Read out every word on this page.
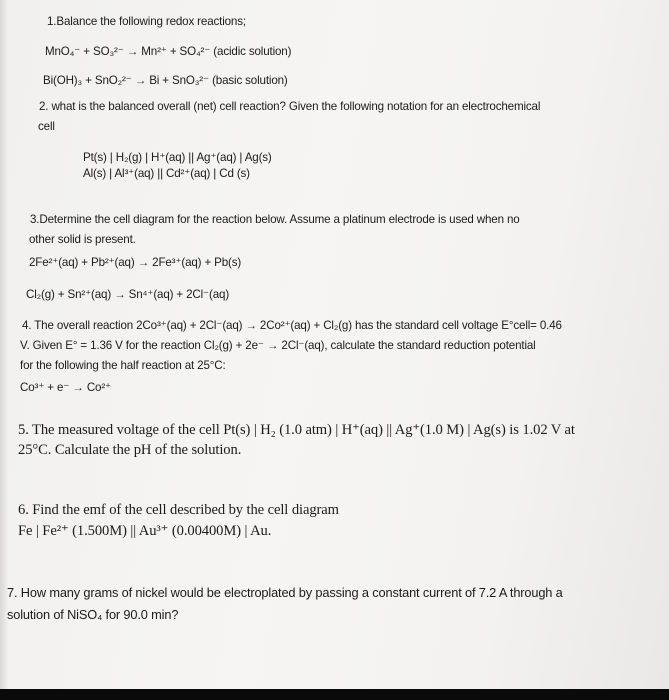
1.Balance the following redox reactions;
MnO₄⁻ + SO₃²⁻ → Mn²⁺ + SO₄²⁻ (acidic solution)
Bi(OH)₃ + SnO₂²⁻ → Bi + SnO₃²⁻ (basic solution)
2. what is the balanced overall (net) cell reaction? Given the following notation for an electrochemical
cell
Pt(s) | H₂(g) | H⁺(aq) || Ag⁺(aq) | Ag(s)
Al(s) | Al³⁺(aq) || Cd²⁺(aq) | Cd (s)
3.Determine the cell diagram for the reaction below. Assume a platinum electrode is used when no
other solid is present.
2Fe²⁺(aq) + Pb²⁺(aq) → 2Fe³⁺(aq) + Pb(s)
Cl₂(g) + Sn²⁺(aq) → Sn⁴⁺(aq) + 2Cl⁻(aq)
4. The overall reaction 2Co³⁺(aq) + 2Cl⁻(aq) → 2Co²⁺(aq) + Cl₂(g) has the standard cell voltage E°cell= 0.46
V. Given E° = 1.36 V for the reaction Cl₂(g) + 2e⁻ → 2Cl⁻(aq), calculate the standard reduction potential
for the following the half reaction at 25°C:
Co³⁺ + e⁻ → Co²⁺
5. The measured voltage of the cell Pt(s) | H₂ (1.0 atm) | H⁺(aq) || Ag⁺(1.0 M) | Ag(s) is 1.02 V at
25°C. Calculate the pH of the solution.
6. Find the emf of the cell described by the cell diagram
Fe | Fe²⁺ (1.500M) || Au³⁺ (0.00400M) | Au.
7. How many grams of nickel would be electroplated by passing a constant current of 7.2 A through a
solution of NiSO₄ for 90.0 min?
